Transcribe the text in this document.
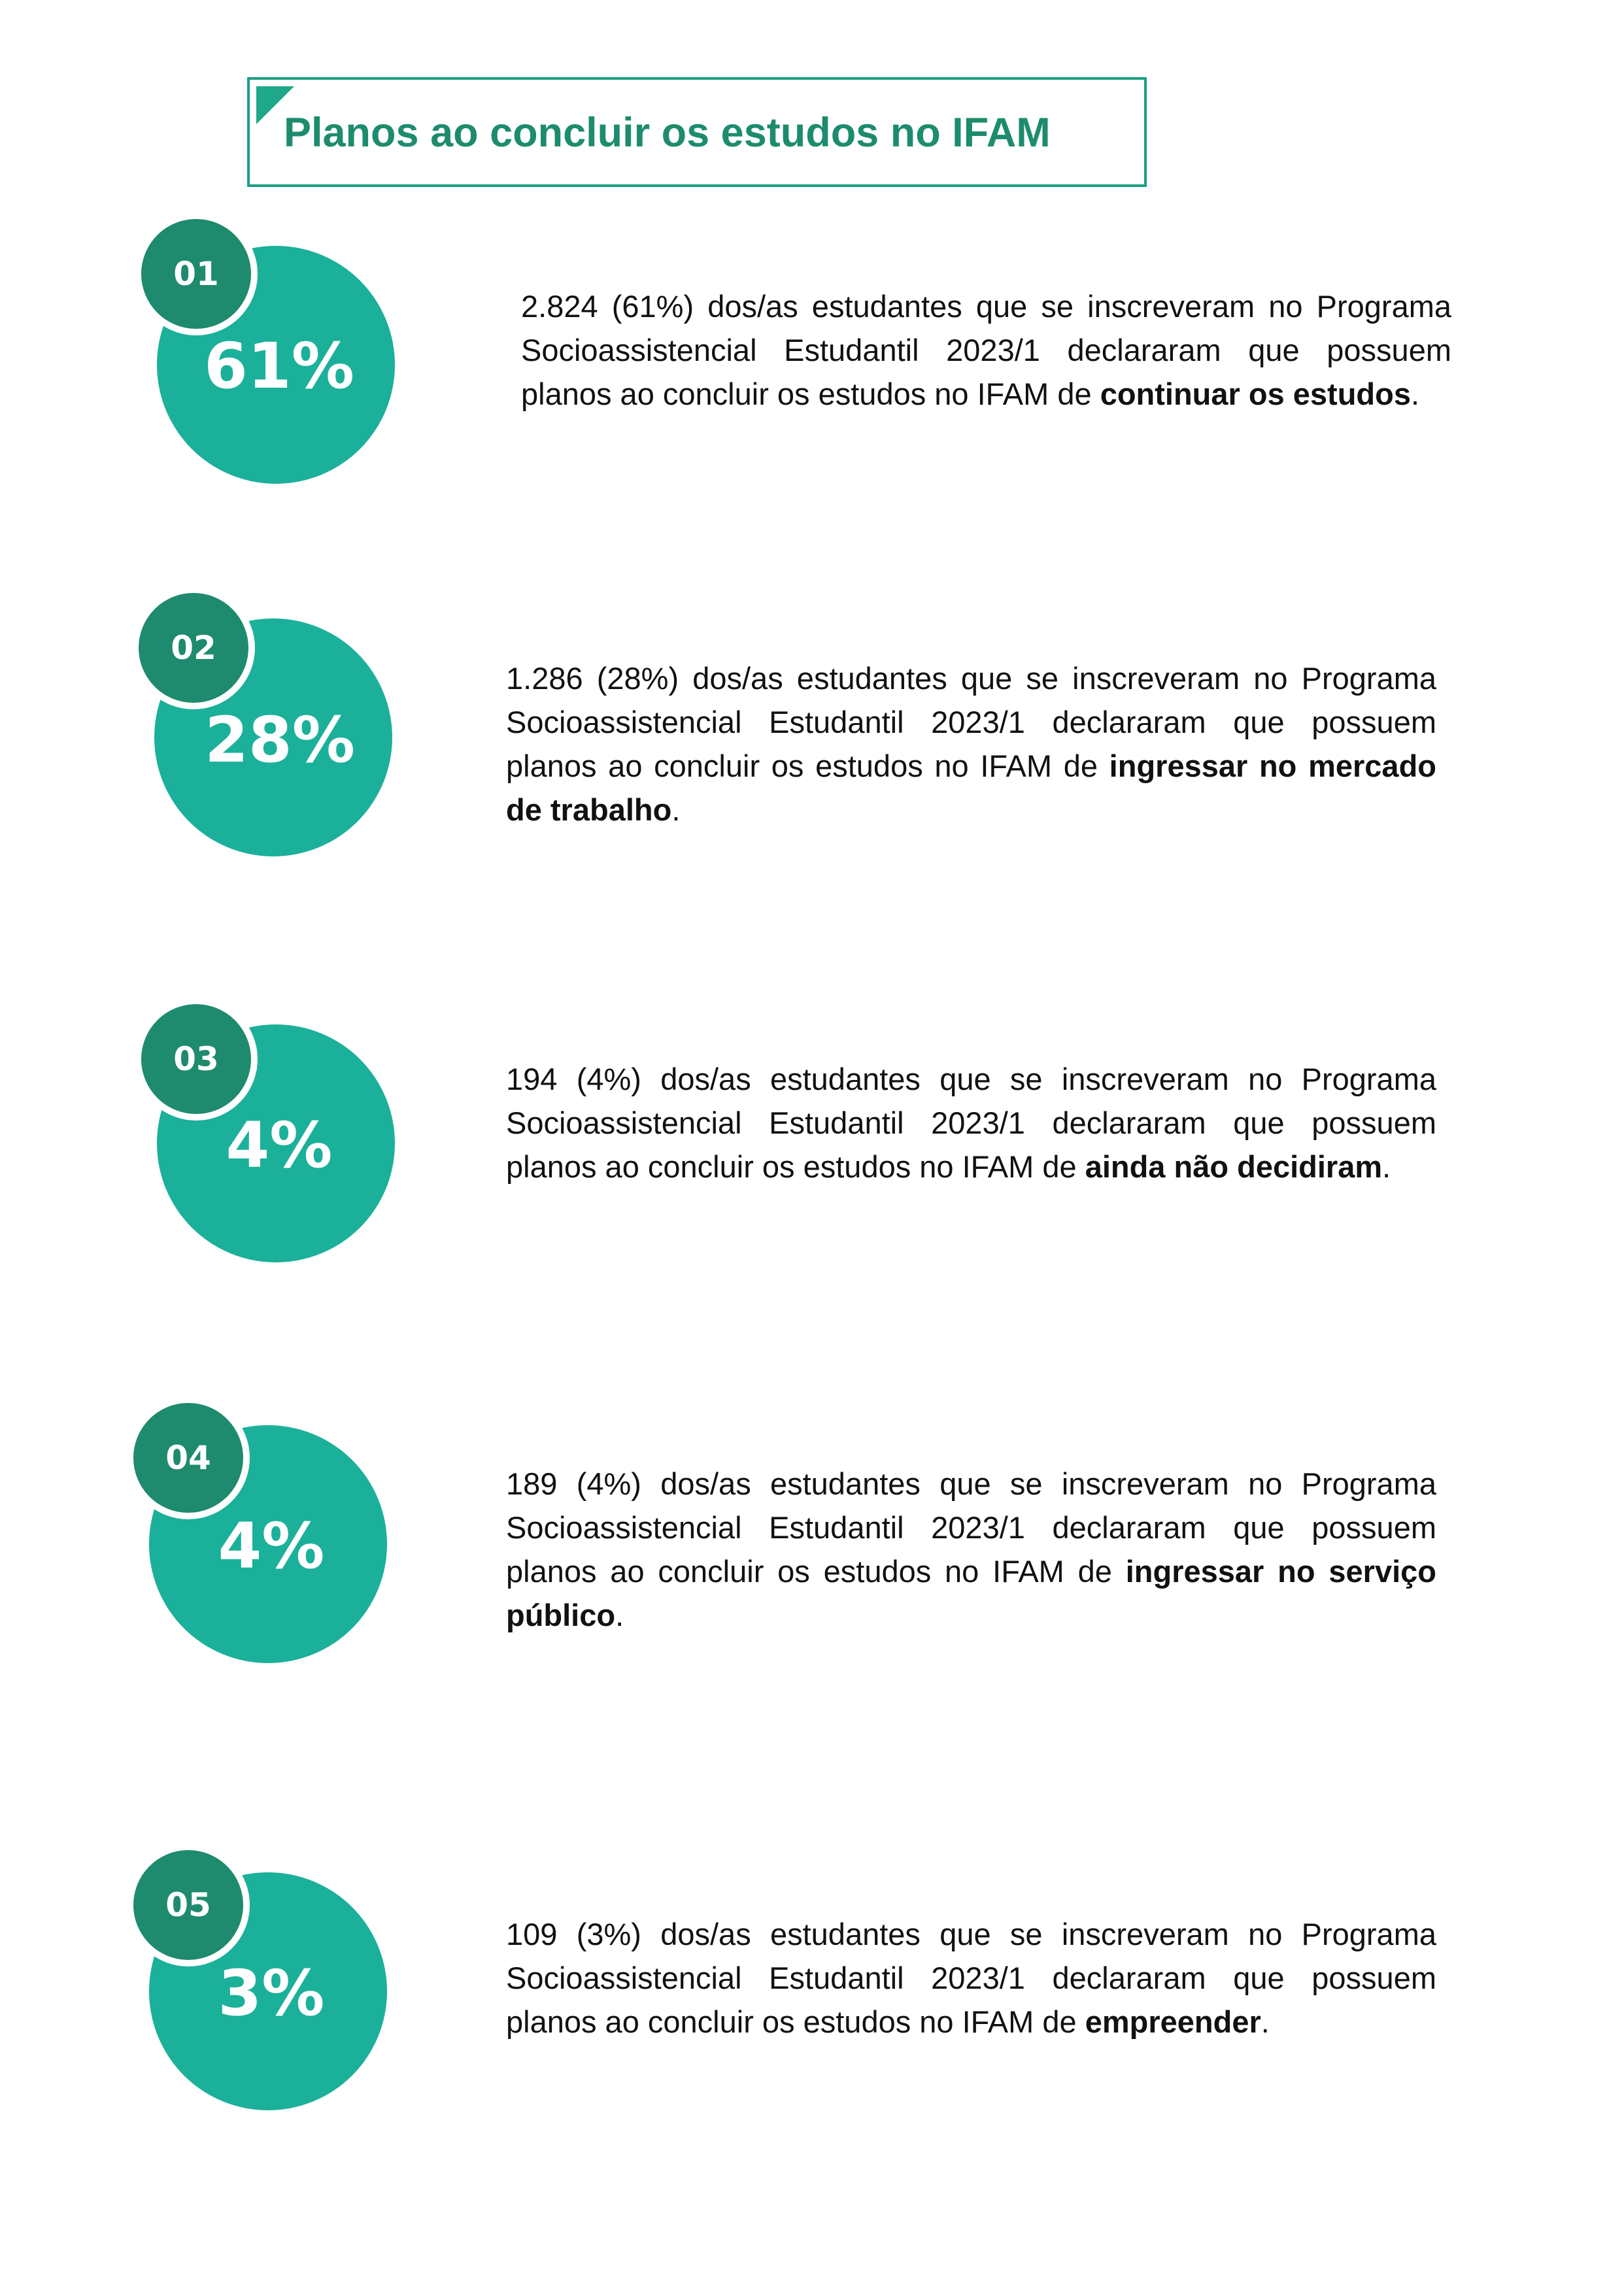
Planos ao concluir os estudos no IFAM
61%
01

2.824 (61%) dos/as estudantes que se inscreveram no Programa Socioassistencial Estudantil 2023/1 declararam que possuem planos ao concluir os estudos no IFAM de continuar os estudos.

28%
02

1.286 (28%) dos/as estudantes que se inscreveram no Programa Socioassistencial Estudantil 2023/1 declararam que possuem planos ao concluir os estudos no IFAM de ingressar no mercado de trabalho.

4%
03

194 (4%) dos/as estudantes que se inscreveram no Programa Socioassistencial Estudantil 2023/1 declararam que possuem planos ao concluir os estudos no IFAM de ainda não decidiram.

4%
04

189 (4%) dos/as estudantes que se inscreveram no Programa Socioassistencial Estudantil 2023/1 declararam que possuem planos ao concluir os estudos no IFAM de ingressar no serviço público.

3%
05

109 (3%) dos/as estudantes que se inscreveram no Programa Socioassistencial Estudantil 2023/1 declararam que possuem planos ao concluir os estudos no IFAM de empreender.
